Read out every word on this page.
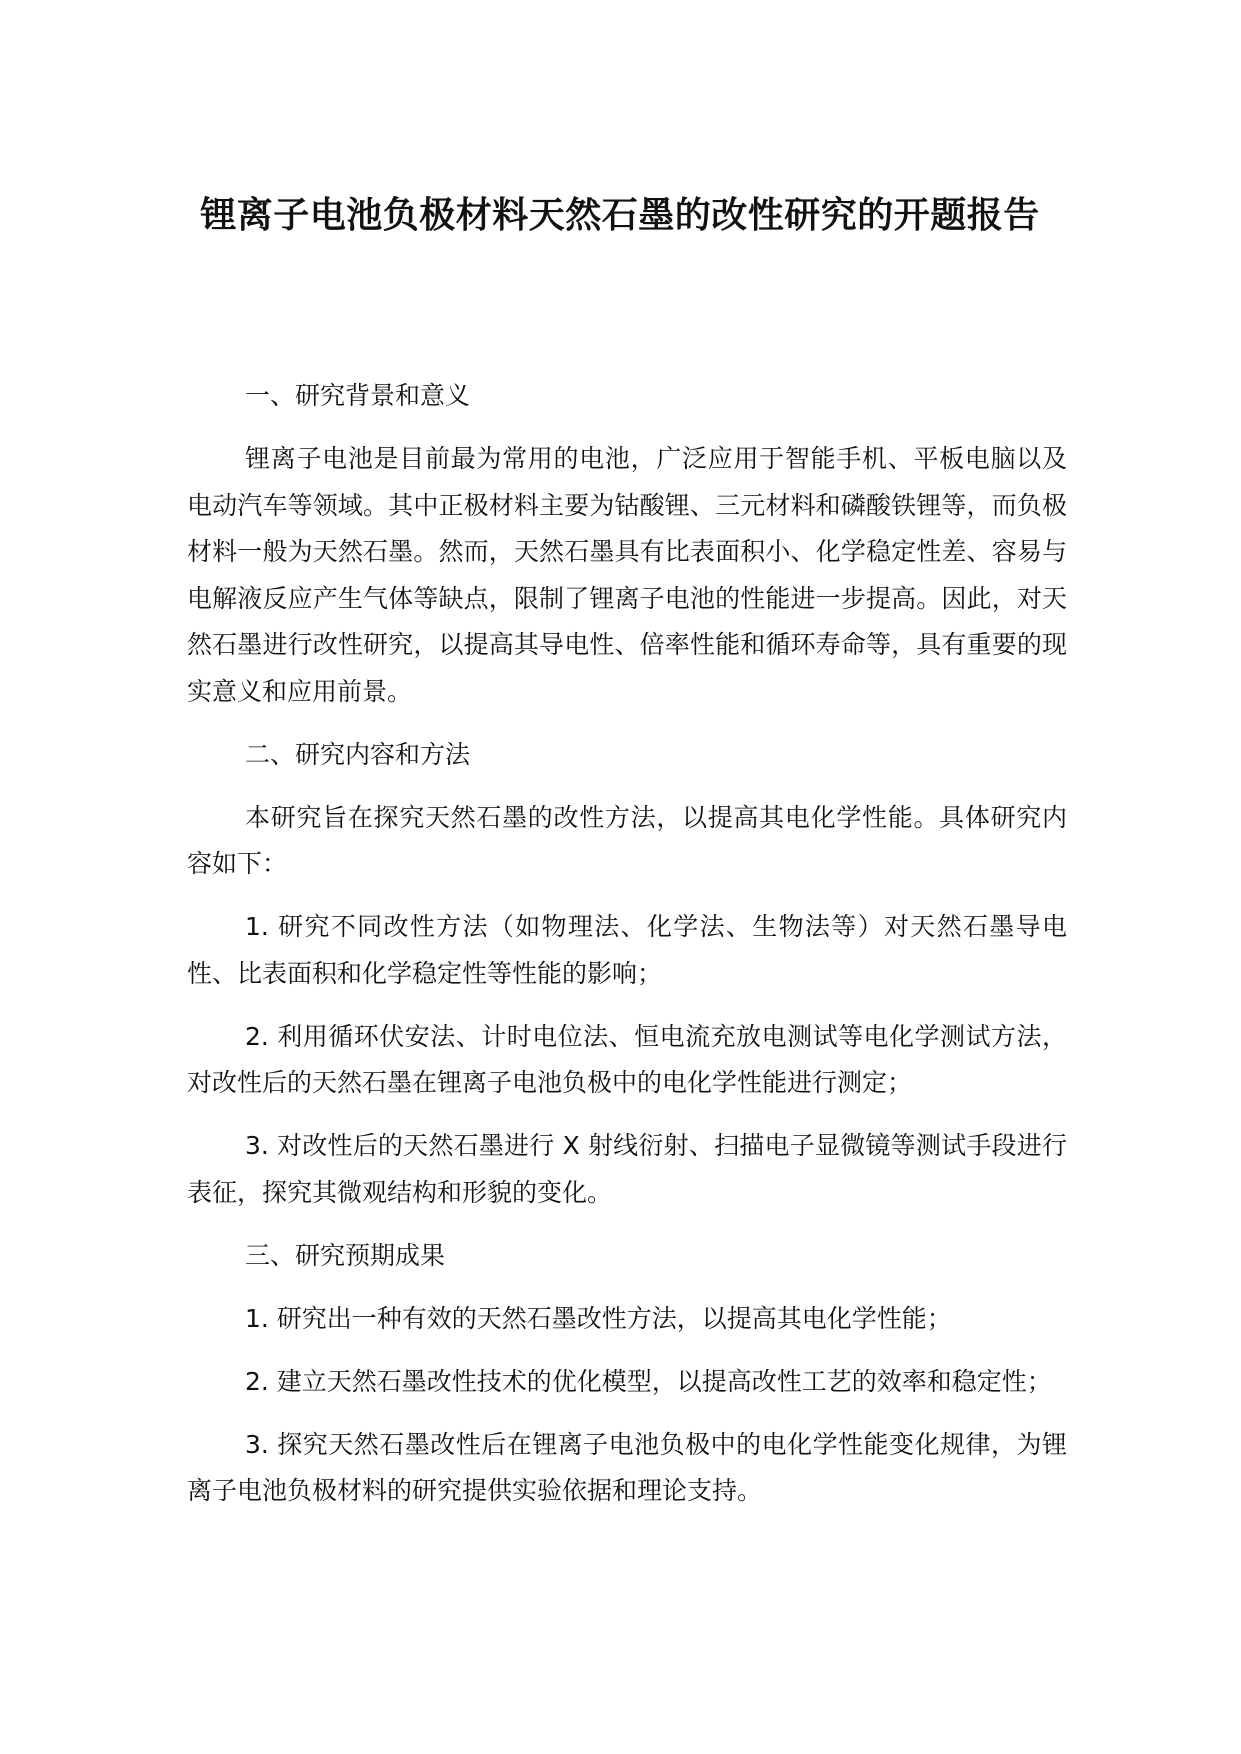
锂离子电池负极材料天然石墨的改性研究的开题报告
一、研究背景和意义
锂离子电池是目前最为常用的电池，广泛应用于智能手机、平板电脑以及电动汽车等领域。其中正极材料主要为钴酸锂、三元材料和磷酸铁锂等，而负极材料一般为天然石墨。然而，天然石墨具有比表面积小、化学稳定性差、容易与电解液反应产生气体等缺点，限制了锂离子电池的性能进一步提高。因此，对天然石墨进行改性研究，以提高其导电性、倍率性能和循环寿命等，具有重要的现实意义和应用前景。
二、研究内容和方法
本研究旨在探究天然石墨的改性方法，以提高其电化学性能。具体研究内容如下：
1. 研究不同改性方法（如物理法、化学法、生物法等）对天然石墨导电性、比表面积和化学稳定性等性能的影响；
2. 利用循环伏安法、计时电位法、恒电流充放电测试等电化学测试方法，对改性后的天然石墨在锂离子电池负极中的电化学性能进行测定；
3. 对改性后的天然石墨进行 X 射线衍射、扫描电子显微镜等测试手段进行表征，探究其微观结构和形貌的变化。
三、研究预期成果
1. 研究出一种有效的天然石墨改性方法，以提高其电化学性能；
2. 建立天然石墨改性技术的优化模型，以提高改性工艺的效率和稳定性；
3. 探究天然石墨改性后在锂离子电池负极中的电化学性能变化规律，为锂离子电池负极材料的研究提供实验依据和理论支持。
